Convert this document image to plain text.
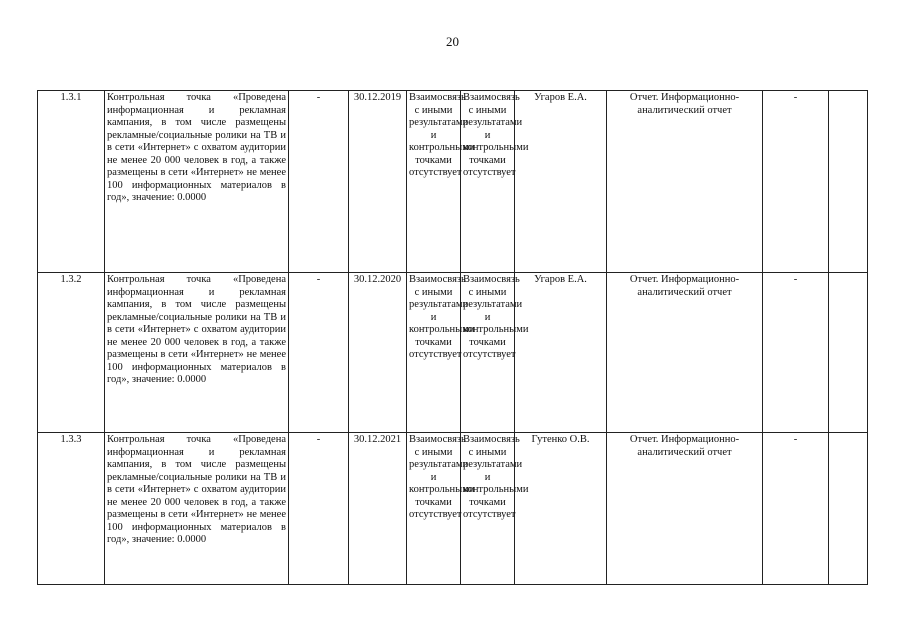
20
1.3.1	Контрольная точка «Проведена информационная и рекламная кампания, в том числе размещены рекламные/социальные ролики на ТВ и в сети «Интернет» с охватом аудитории не менее 20 000 человек в год, а также размещены в сети «Интернет» не менее 100 информационных материалов в год», значение: 0.0000	-	30.12.2019	Взаимосвязь с иными результатами и контрольными точками отсутствует	Взаимосвязь с иными результатами и контрольными точками отсутствует	Угаров Е.А.	Отчет. Информационно-аналитический отчет	-	
1.3.2	Контрольная точка «Проведена информационная и рекламная кампания, в том числе размещены рекламные/социальные ролики на ТВ и в сети «Интернет» с охватом аудитории не менее 20 000 человек в год, а также размещены в сети «Интернет» не менее 100 информационных материалов в год», значение: 0.0000	-	30.12.2020	Взаимосвязь с иными результатами и контрольными точками отсутствует	Взаимосвязь с иными результатами и контрольными точками отсутствует	Угаров Е.А.	Отчет. Информационно-аналитический отчет	-	
1.3.3	Контрольная точка «Проведена информационная и рекламная кампания, в том числе размещены рекламные/социальные ролики на ТВ и в сети «Интернет» с охватом аудитории не менее 20 000 человек в год, а также размещены в сети «Интернет» не менее 100 информационных материалов в год», значение: 0.0000	-	30.12.2021	Взаимосвязь с иными результатами и контрольными точками отсутствует	Взаимосвязь с иными результатами и контрольными точками отсутствует	Гутенко О.В.	Отчет. Информационно-аналитический отчет	-	
